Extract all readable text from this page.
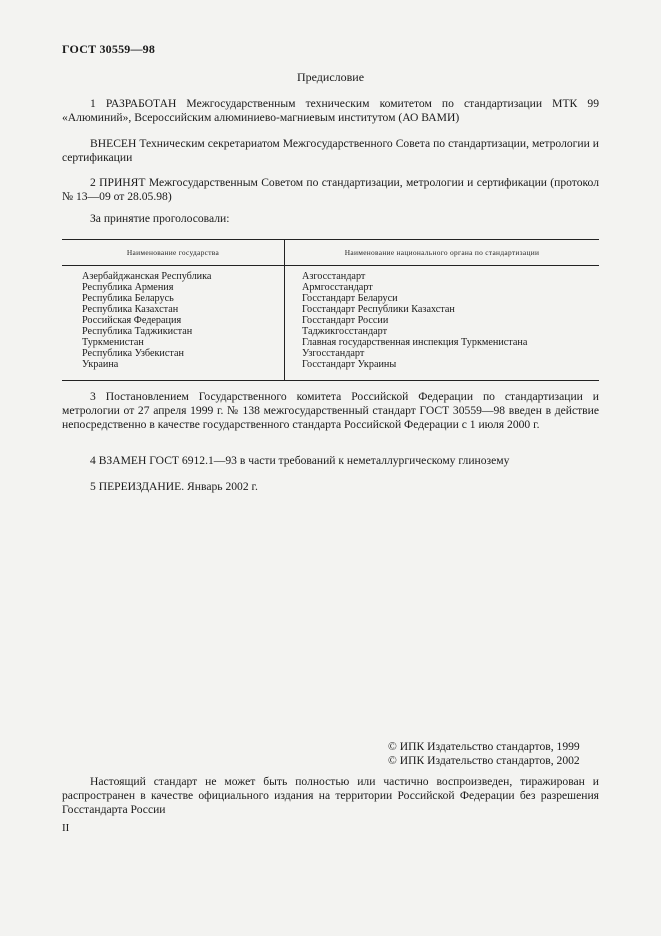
ГОСТ 30559—98
Предисловие
1 РАЗРАБОТАН Межгосударственным техническим комитетом по стандартизации МТК 99 «Алюминий», Всероссийским алюминиево-магниевым институтом (АО ВАМИ)
ВНЕСЕН Техническим секретариатом Межгосударственного Совета по стандартизации, метрологии и сертификации
2 ПРИНЯТ Межгосударственным Советом по стандартизации, метрологии и сертификации (протокол № 13—09 от 28.05.98)
За принятие проголосовали:
Наименование государства	Наименование национального органа по стандартизации
Азербайджанская Республика
Республика Армения
Республика Беларусь
Республика Казахстан
Российская Федерация
Республика Таджикистан
Туркменистан
Республика Узбекистан
Украина
Азгосстандарт
Армгосстандарт
Госстандарт Беларуси
Госстандарт Республики Казахстан
Госстандарт России
Таджикгосстандарт
Главная государственная инспекция Туркменистана
Узгосстандарт
Госстандарт Украины
3 Постановлением Государственного комитета Российской Федерации по стандартизации и метрологии от 27 апреля 1999 г. № 138 межгосударственный стандарт ГОСТ 30559—98 введен в действие непосредственно в качестве государственного стандарта Российской Федерации с 1 июля 2000 г.
4 ВЗАМЕН ГОСТ 6912.1—93 в части требований к неметаллургическому глинозему
5 ПЕРЕИЗДАНИЕ. Январь 2002 г.
© ИПК Издательство стандартов, 1999
© ИПК Издательство стандартов, 2002
Настоящий стандарт не может быть полностью или частично воспроизведен, тиражирован и распространен в качестве официального издания на территории Российской Федерации без разрешения Госстандарта России
II
